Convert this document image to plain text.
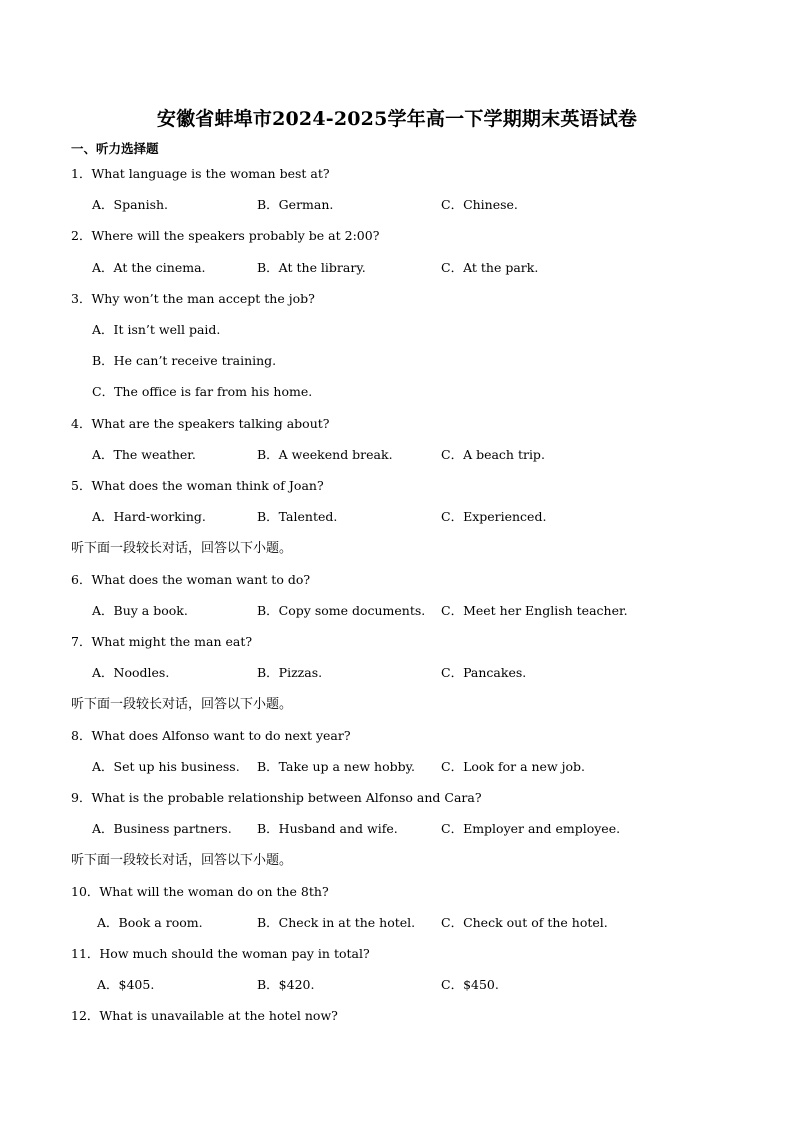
安徽省蚌埠市2024-2025学年高一下学期期末英语试卷
一、听力选择题
1．What language is the woman best at?
A．Spanish.	B．German.	C．Chinese.
2．Where will the speakers probably be at 2:00?
A．At the cinema.	B．At the library.	C．At the park.
3．Why won’t the man accept the job?
A．It isn’t well paid.
B．He can’t receive training.
C．The office is far from his home.
4．What are the speakers talking about?
A．The weather.	B．A weekend break.	C．A beach trip.
5．What does the woman think of Joan?
A．Hard-working.	B．Talented.	C．Experienced.
听下面一段较长对话，回答以下小题。
6．What does the woman want to do?
A．Buy a book.	B．Copy some documents. C．Meet her English teacher.
7．What might the man eat?
A．Noodles.	B．Pizzas.	C．Pancakes.
听下面一段较长对话，回答以下小题。
8．What does Alfonso want to do next year?
A．Set up his business. B．Take up a new hobby. C．Look for a new job.
9．What is the probable relationship between Alfonso and Cara?
A．Business partners. B．Husband and wife.	C．Employer and employee.
听下面一段较长对话，回答以下小题。
10．What will the woman do on the 8th?
A．Book a room.	B．Check in at the hotel. C．Check out of the hotel.
11．How much should the woman pay in total?
A．$405.	B．$420.	C．$450.
12．What is unavailable at the hotel now?
